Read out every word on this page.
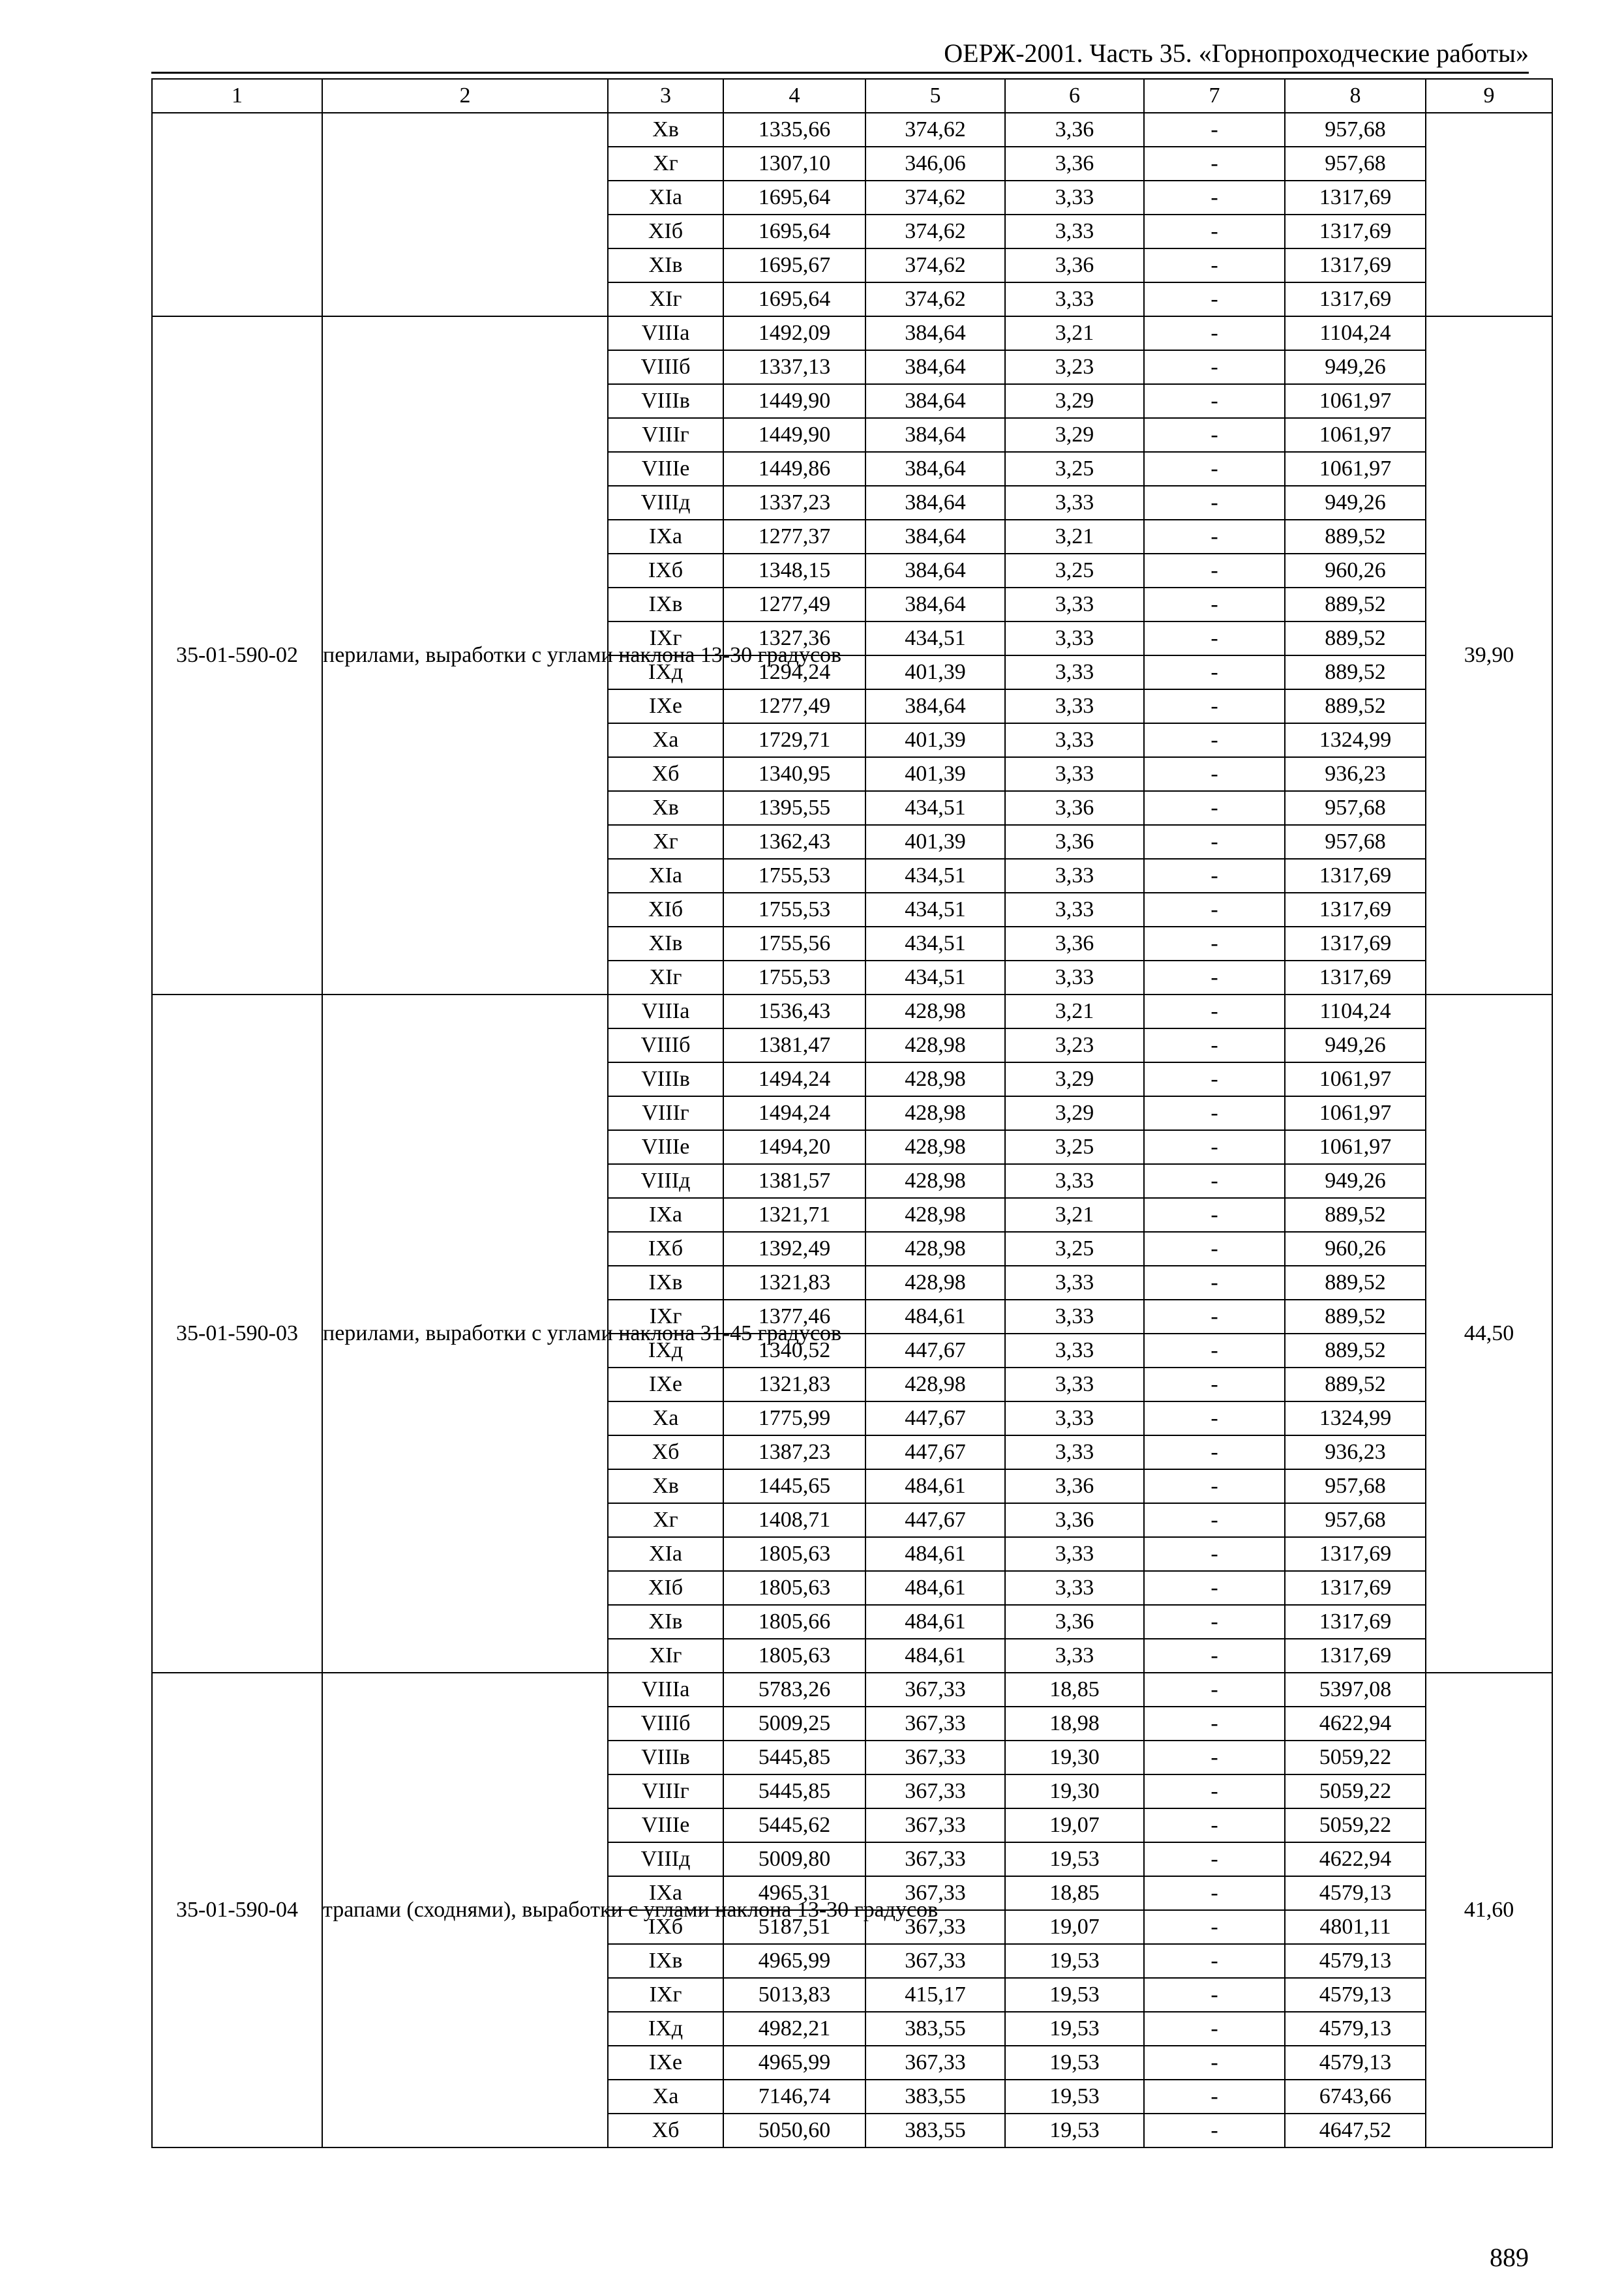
ОЕРЖ-2001. Часть 35. «Горнопроходческие работы»
1	2	3	4	5	6	7	8	9
		Xв	1335,66	374,62	3,36	-	957,68	
		Xг	1307,10	346,06	3,36	-	957,68	
		XIа	1695,64	374,62	3,33	-	1317,69	
		XIб	1695,64	374,62	3,33	-	1317,69	
		XIв	1695,67	374,62	3,36	-	1317,69	
		XIг	1695,64	374,62	3,33	-	1317,69	
35-01-590-02	перилами, выработки с углами наклона 13-30 градусов	VIIIа	1492,09	384,64	3,21	-	1104,24	39,90
		VIIIб	1337,13	384,64	3,23	-	949,26	
		VIIIв	1449,90	384,64	3,29	-	1061,97	
		VIIIг	1449,90	384,64	3,29	-	1061,97	
		VIIIе	1449,86	384,64	3,25	-	1061,97	
		VIIIд	1337,23	384,64	3,33	-	949,26	
		IXа	1277,37	384,64	3,21	-	889,52	
		IXб	1348,15	384,64	3,25	-	960,26	
		IXв	1277,49	384,64	3,33	-	889,52	
		IXг	1327,36	434,51	3,33	-	889,52	
		IXд	1294,24	401,39	3,33	-	889,52	
		IXе	1277,49	384,64	3,33	-	889,52	
		Xа	1729,71	401,39	3,33	-	1324,99	
		Xб	1340,95	401,39	3,33	-	936,23	
		Xв	1395,55	434,51	3,36	-	957,68	
		Xг	1362,43	401,39	3,36	-	957,68	
		XIа	1755,53	434,51	3,33	-	1317,69	
		XIб	1755,53	434,51	3,33	-	1317,69	
		XIв	1755,56	434,51	3,36	-	1317,69	
		XIг	1755,53	434,51	3,33	-	1317,69	
35-01-590-03	перилами, выработки с углами наклона 31-45 градусов	VIIIа	1536,43	428,98	3,21	-	1104,24	44,50
		VIIIб	1381,47	428,98	3,23	-	949,26	
		VIIIв	1494,24	428,98	3,29	-	1061,97	
		VIIIг	1494,24	428,98	3,29	-	1061,97	
		VIIIе	1494,20	428,98	3,25	-	1061,97	
		VIIIд	1381,57	428,98	3,33	-	949,26	
		IXа	1321,71	428,98	3,21	-	889,52	
		IXб	1392,49	428,98	3,25	-	960,26	
		IXв	1321,83	428,98	3,33	-	889,52	
		IXг	1377,46	484,61	3,33	-	889,52	
		IXд	1340,52	447,67	3,33	-	889,52	
		IXе	1321,83	428,98	3,33	-	889,52	
		Xа	1775,99	447,67	3,33	-	1324,99	
		Xб	1387,23	447,67	3,33	-	936,23	
		Xв	1445,65	484,61	3,36	-	957,68	
		Xг	1408,71	447,67	3,36	-	957,68	
		XIа	1805,63	484,61	3,33	-	1317,69	
		XIб	1805,63	484,61	3,33	-	1317,69	
		XIв	1805,66	484,61	3,36	-	1317,69	
		XIг	1805,63	484,61	3,33	-	1317,69	
35-01-590-04	трапами (сходнями), выработки с углами наклона 13-30 градусов	VIIIа	5783,26	367,33	18,85	-	5397,08	41,60
		VIIIб	5009,25	367,33	18,98	-	4622,94	
		VIIIв	5445,85	367,33	19,30	-	5059,22	
		VIIIг	5445,85	367,33	19,30	-	5059,22	
		VIIIе	5445,62	367,33	19,07	-	5059,22	
		VIIIд	5009,80	367,33	19,53	-	4622,94	
		IXа	4965,31	367,33	18,85	-	4579,13	
		IXб	5187,51	367,33	19,07	-	4801,11	
		IXв	4965,99	367,33	19,53	-	4579,13	
		IXг	5013,83	415,17	19,53	-	4579,13	
		IXд	4982,21	383,55	19,53	-	4579,13	
		IXе	4965,99	367,33	19,53	-	4579,13	
		Xа	7146,74	383,55	19,53	-	6743,66	
		Xб	5050,60	383,55	19,53	-	4647,52	
889
